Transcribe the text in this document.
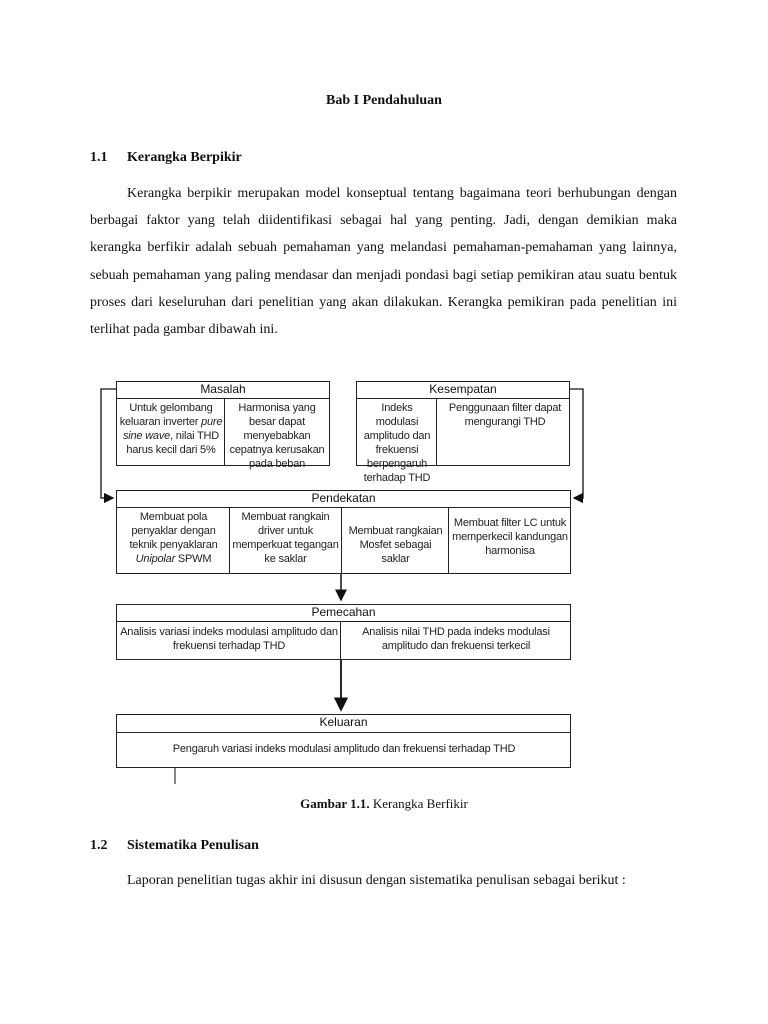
Bab I Pendahuluan
1.1 Kerangka Berpikir
Kerangka berpikir merupakan model konseptual tentang bagaimana teori berhubungan dengan berbagai faktor yang telah diidentifikasi sebagai hal yang penting. Jadi, dengan demikian maka kerangka berfikir adalah sebuah pemahaman yang melandasi pemahaman-pemahaman yang lainnya, sebuah pemahaman yang paling mendasar dan menjadi pondasi bagi setiap pemikiran atau suatu bentuk proses dari keseluruhan dari penelitian yang akan dilakukan. Kerangka pemikiran pada penelitian ini terlihat pada gambar dibawah ini.
Masalah
Untuk gelombang keluaran inverter pure sine wave, nilai THD harus kecil dari 5%
Harmonisa yang besar dapat menyebabkan cepatnya kerusakan pada beban
Kesempatan
Indeks modulasi amplitudo dan frekuensi berpengaruh terhadap THD
Penggunaan filter dapat mengurangi THD
Pendekatan
Membuat pola penyaklar dengan teknik penyaklaran Unipolar SPWM
Membuat rangkain driver untuk memperkuat tegangan ke saklar
Membuat rangkaian Mosfet sebagai saklar
Membuat filter LC untuk memperkecil kandungan harmonisa
Pemecahan
Analisis variasi indeks modulasi amplitudo dan frekuensi terhadap THD
Analisis nilai THD pada indeks modulasi amplitudo dan frekuensi terkecil
Keluaran
Pengaruh variasi indeks modulasi amplitudo dan frekuensi terhadap THD
Gambar 1.1. Kerangka Berfikir
1.2 Sistematika Penulisan
Laporan penelitian tugas akhir ini disusun dengan sistematika penulisan sebagai berikut :
